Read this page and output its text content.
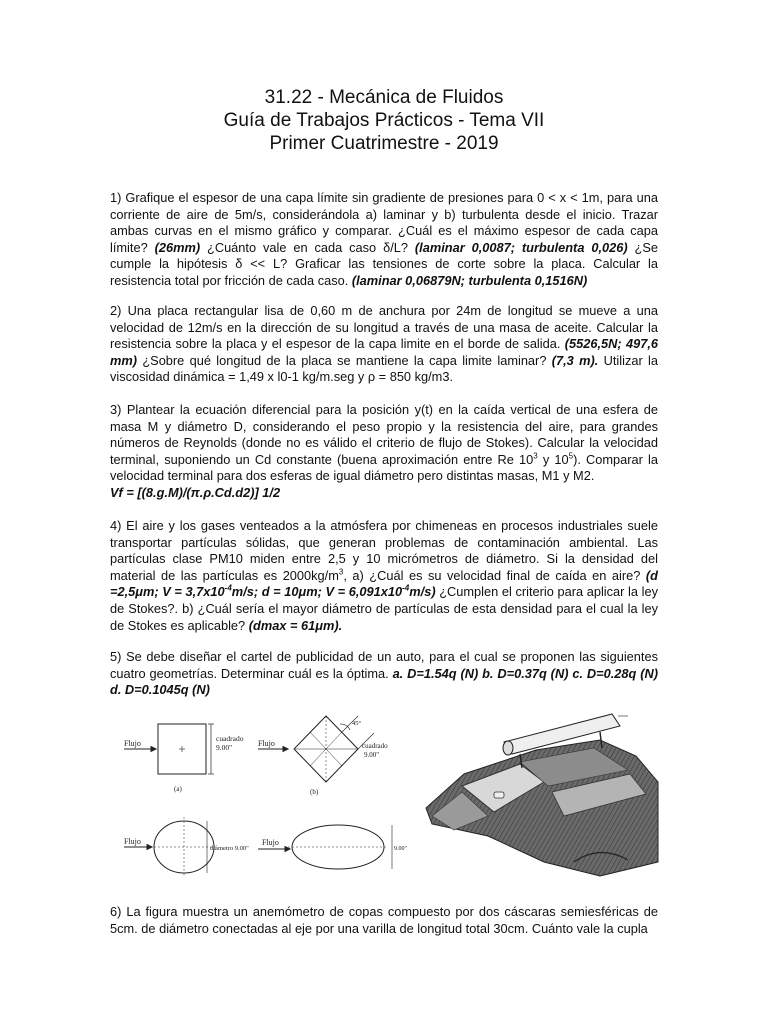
31.22 - Mecánica de Fluidos
Guía de Trabajos Prácticos - Tema VII
Primer Cuatrimestre - 2019

1) Grafique el espesor de una capa límite sin gradiente de presiones para 0 < x < 1m, para una corriente de aire de 5m/s, considerándola a) laminar y b) turbulenta desde el inicio. Trazar ambas curvas en el mismo gráfico y comparar. ¿Cuál es el máximo espesor de cada capa límite? (26mm) ¿Cuánto vale en cada caso δ/L? (laminar 0,0087; turbulenta 0,026) ¿Se cumple la hipótesis δ << L? Graficar las tensiones de corte sobre la placa. Calcular la resistencia total por fricción de cada caso. (laminar 0,06879N; turbulenta 0,1516N)

2) Una placa rectangular lisa de 0,60 m de anchura por 24m de longitud se mueve a una velocidad de 12m/s en la dirección de su longitud a través de una masa de aceite. Calcular la resistencia sobre la placa y el espesor de la capa limite en el borde de salida. (5526,5N; 497,6 mm) ¿Sobre qué longitud de la placa se mantiene la capa limite laminar? (7,3 m). Utilizar la viscosidad dinámica = 1,49 x l0-1 kg/m.seg y ρ = 850 kg/m3.

3) Plantear la ecuación diferencial para la posición y(t) en la caída vertical de una esfera de masa M y diámetro D, considerando el peso propio y la resistencia del aire, para grandes números de Reynolds (donde no es válido el criterio de flujo de Stokes). Calcular la velocidad terminal, suponiendo un Cd constante (buena aproximación entre Re $10^3$ y $10^5$). Comparar la velocidad terminal para dos esferas de igual diámetro pero distintas masas, M1 y M2.

Vf = [(8.g.M)/(π.ρ.Cd.d2)] 1/2

4) El aire y los gases venteados a la atmósfera por chimeneas en procesos industriales suele transportar partículas sólidas, que generan problemas de contaminación ambiental. Las partículas clase PM10 miden entre 2,5 y 10 micrómetros de diámetro. Si la densidad del material de las partículas es $2000kg/m^3$, a) ¿Cuál es su velocidad final de caída en aire? (d =2,5μm; $V = 3,7x10^{-4}m/s$; d = 10μm; $V = 6,091x10^{-4}m/s$) ¿Cumplen el criterio para aplicar la ley de Stokes?. b) ¿Cuál sería el mayor diámetro de partículas de esta densidad para el cual la ley de Stokes es aplicable? (dmax = 61μm).

5) Se debe diseñar el cartel de publicidad de un auto, para el cual se proponen las siguientes cuatro geometrías. Determinar cuál es la óptima. a. D=1.54q (N) b. D=0.37q (N) c. D=0.28q (N) d. D=0.1045q (N)

Flujo
cuadrado
9.00"
(a)
Flujo
45°
cuadrado
9.00"
(b)
Flujo
diámetro 9.00"
Flujo
9.00"

6) La figura muestra un anemómetro de copas compuesto por dos cáscaras semiesféricas de 5cm. de diámetro conectadas al eje por una varilla de longitud total 30cm. Cuánto vale la cupla
